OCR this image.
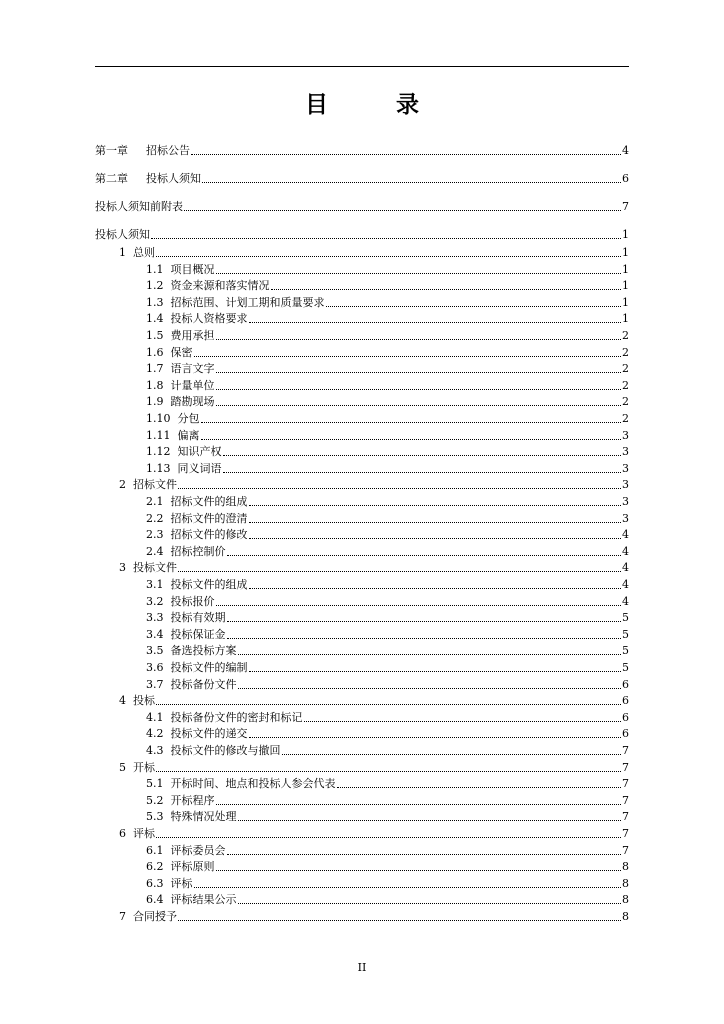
目 录
第一章 招标公告	4
第二章 投标人须知	6
投标人须知前附表	7
投标人须知	1
1 总则	1
1.1 项目概况	1
1.2 资金来源和落实情况	1
1.3 招标范围、计划工期和质量要求	1
1.4 投标人资格要求	1
1.5 费用承担	2
1.6 保密	2
1.7 语言文字	2
1.8 计量单位	2
1.9 踏勘现场	2
1.10 分包	2
1.11 偏离	3
1.12 知识产权	3
1.13 同义词语	3
2 招标文件	3
2.1 招标文件的组成	3
2.2 招标文件的澄清	3
2.3 招标文件的修改	4
2.4 招标控制价	4
3 投标文件	4
3.1 投标文件的组成	4
3.2 投标报价	4
3.3 投标有效期	5
3.4 投标保证金	5
3.5 备选投标方案	5
3.6 投标文件的编制	5
3.7 投标备份文件	6
4 投标	6
4.1 投标备份文件的密封和标记	6
4.2 投标文件的递交	6
4.3 投标文件的修改与撤回	7
5 开标	7
5.1 开标时间、地点和投标人参会代表	7
5.2 开标程序	7
5.3 特殊情况处理	7
6 评标	7
6.1 评标委员会	7
6.2 评标原则	8
6.3 评标	8
6.4 评标结果公示	8
7 合同授予	8
II
